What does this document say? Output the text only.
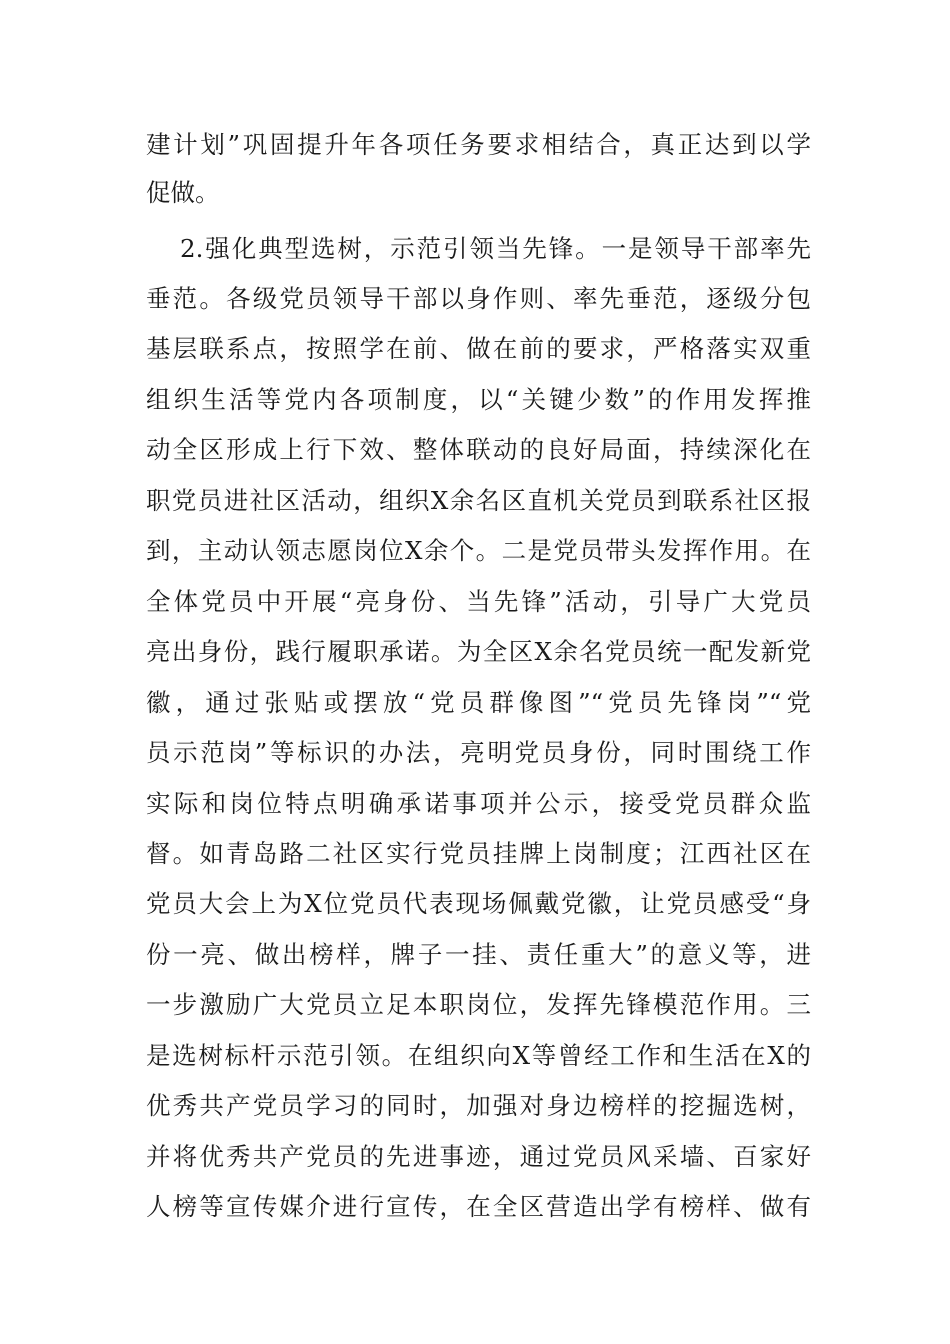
建计划”巩固提升年各项任务要求相结合，真正达到以学
促做。
2.强化典型选树，示范引领当先锋。一是领导干部率先
垂范。各级党员领导干部以身作则、率先垂范，逐级分包
基层联系点，按照学在前、做在前的要求，严格落实双重
组织生活等党内各项制度，以“关键少数”的作用发挥推
动全区形成上行下效、整体联动的良好局面，持续深化在
职党员进社区活动，组织X余名区直机关党员到联系社区报
到，主动认领志愿岗位X余个。二是党员带头发挥作用。在
全体党员中开展“亮身份、当先锋”活动，引导广大党员
亮出身份，践行履职承诺。为全区X余名党员统一配发新党
徽，通过张贴或摆放“党员群像图”“党员先锋岗”“党
员示范岗”等标识的办法，亮明党员身份，同时围绕工作
实际和岗位特点明确承诺事项并公示，接受党员群众监
督。如青岛路二社区实行党员挂牌上岗制度；江西社区在
党员大会上为X位党员代表现场佩戴党徽，让党员感受“身
份一亮、做出榜样，牌子一挂、责任重大”的意义等，进
一步激励广大党员立足本职岗位，发挥先锋模范作用。三
是选树标杆示范引领。在组织向X等曾经工作和生活在X的
优秀共产党员学习的同时，加强对身边榜样的挖掘选树，
并将优秀共产党员的先进事迹，通过党员风采墙、百家好
人榜等宣传媒介进行宣传，在全区营造出学有榜样、做有
